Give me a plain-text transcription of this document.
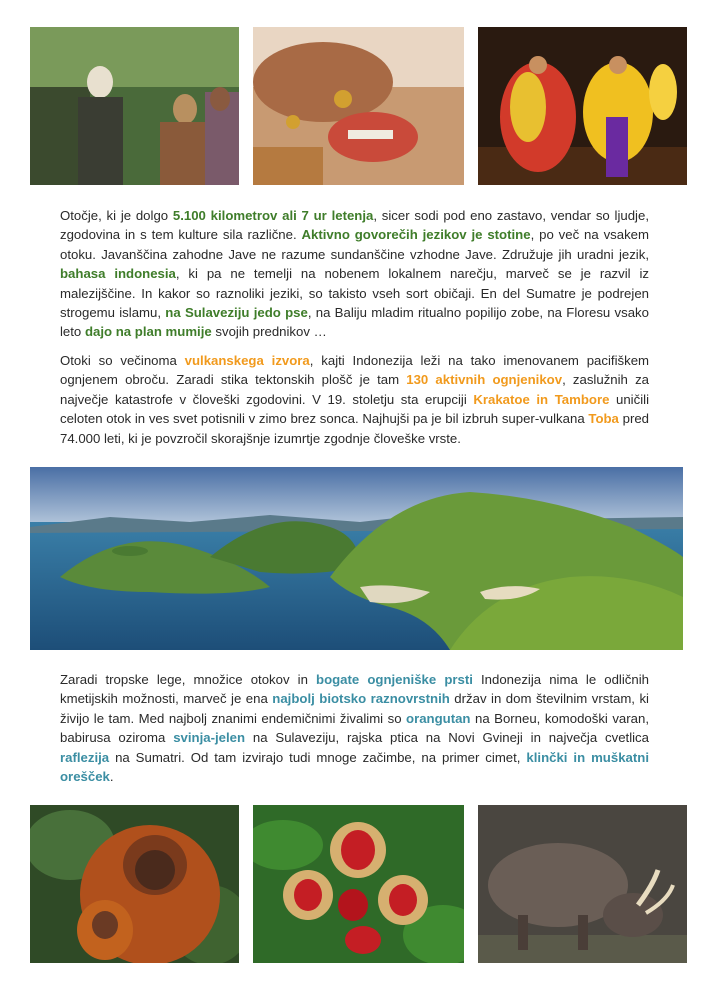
Otočje, ki je dolgo 5.100 kilometrov ali 7 ur letenja, sicer sodi pod eno zastavo, vendar so ljudje, zgodovina in s tem kulture sila različne. Aktivno govorečih jezikov je stotine, po več na vsakem otoku. Javanščina zahodne Jave ne razume sundanščine vzhodne Jave. Združuje jih uradni jezik, bahasa indonesia, ki pa ne temelji na nobenem lokalnem narečju, marveč se je razvil iz malezijščine. In kakor so raznoliki jeziki, so takisto vseh sort običaji. En del Sumatre je podrejen strogemu islamu, na Sulaveziju jedo pse, na Baliju mladim ritualno popilijo zobe, na Floresu vsako leto dajo na plan mumije svojih prednikov …

Otoki so večinoma vulkanskega izvora, kajti Indonezija leži na tako imenovanem pacifiškem ognjenem obroču. Zaradi stika tektonskih plošč je tam 130 aktivnih ognjenikov, zaslužnih za največje katastrofe v človeški zgodovini. V 19. stoletju sta erupciji Krakatoe in Tambore uničili celoten otok in ves svet potisnili v zimo brez sonca. Najhujši pa je bil izbruh super-vulkana Toba pred 74.000 leti, ki je povzročil skorajšnje izumrtje zgodnje človeške vrste.

Zaradi tropske lege, množice otokov in bogate ognjeniške prsti Indonezija nima le odličnih kmetijskih možnosti, marveč je ena najbolj biotsko raznovrstnih držav in dom številnim vrstam, ki živijo le tam. Med najbolj znanimi endemičnimi živalimi so orangutan na Borneu, komodoški varan, babirusa oziroma svinja-jelen na Sulaveziju, rajska ptica na Novi Gvineji in največja cvetlica raflezija na Sumatri. Od tam izvirajo tudi mnoge začimbe, na primer cimet, klinčki in muškatni orešček.
